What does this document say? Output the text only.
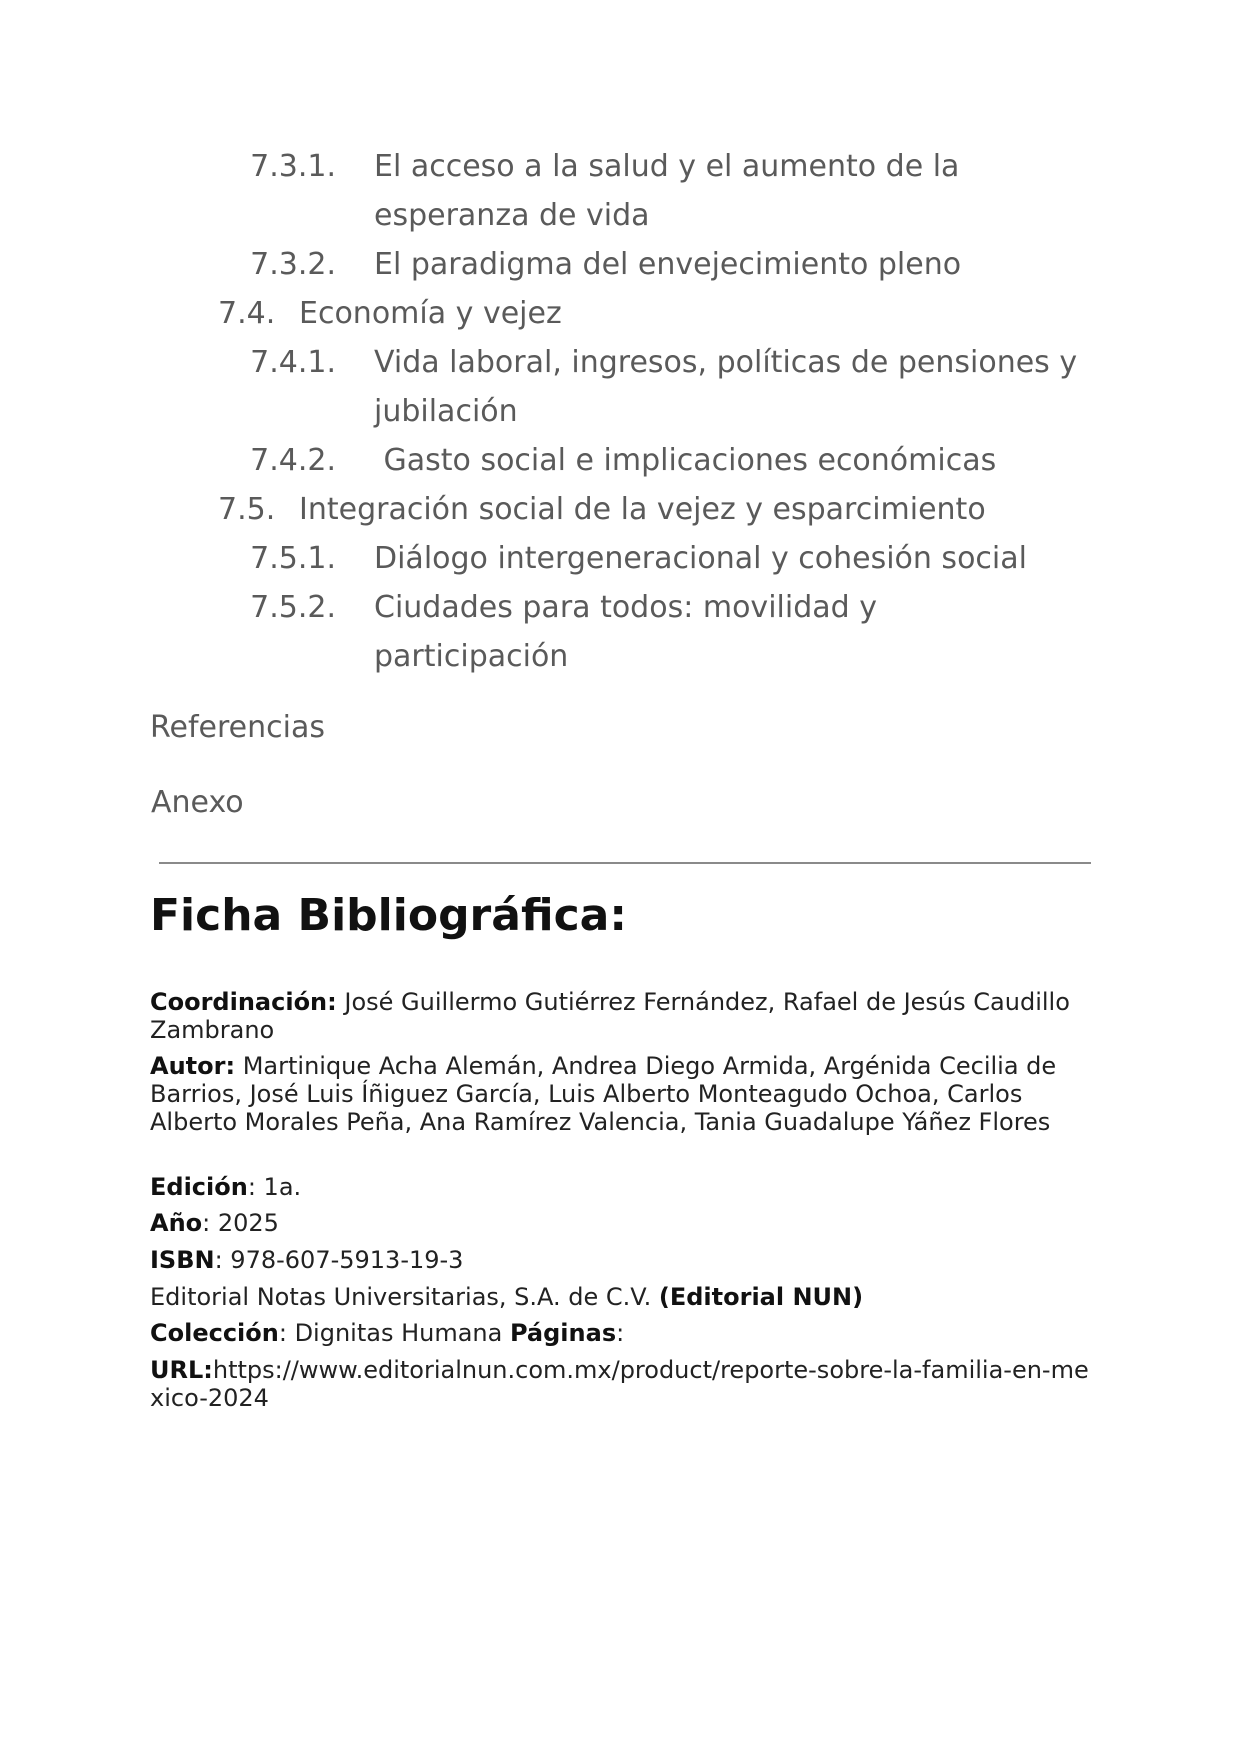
7.3.1. El acceso a la salud y el aumento de la
esperanza de vida
7.3.2. El paradigma del envejecimiento pleno
7.4. Economía y vejez
7.4.1. Vida laboral, ingresos, políticas de pensiones y
jubilación
7.4.2. Gasto social e implicaciones económicas
7.5. Integración social de la vejez y esparcimiento
7.5.1. Diálogo intergeneracional y cohesión social
7.5.2. Ciudades para todos: movilidad y
participación
Referencias
Anexo
Ficha Bibliográfica:
Coordinación: José Guillermo Gutiérrez Fernández, Rafael de Jesús Caudillo Zambrano
Autor: Martinique Acha Alemán, Andrea Diego Armida, Argénida Cecilia de Barrios, José Luis Íñiguez García, Luis Alberto Monteagudo Ochoa, Carlos Alberto Morales Peña, Ana Ramírez Valencia, Tania Guadalupe Yáñez Flores
Edición: 1a.
Año: 2025
ISBN: 978-607-5913-19-3
Editorial Notas Universitarias, S.A. de C.V. (Editorial NUN)
Colección: Dignitas Humana Páginas:
URL:https://www.editorialnun.com.mx/product/reporte-sobre-la-familia-en-mexico-2024
